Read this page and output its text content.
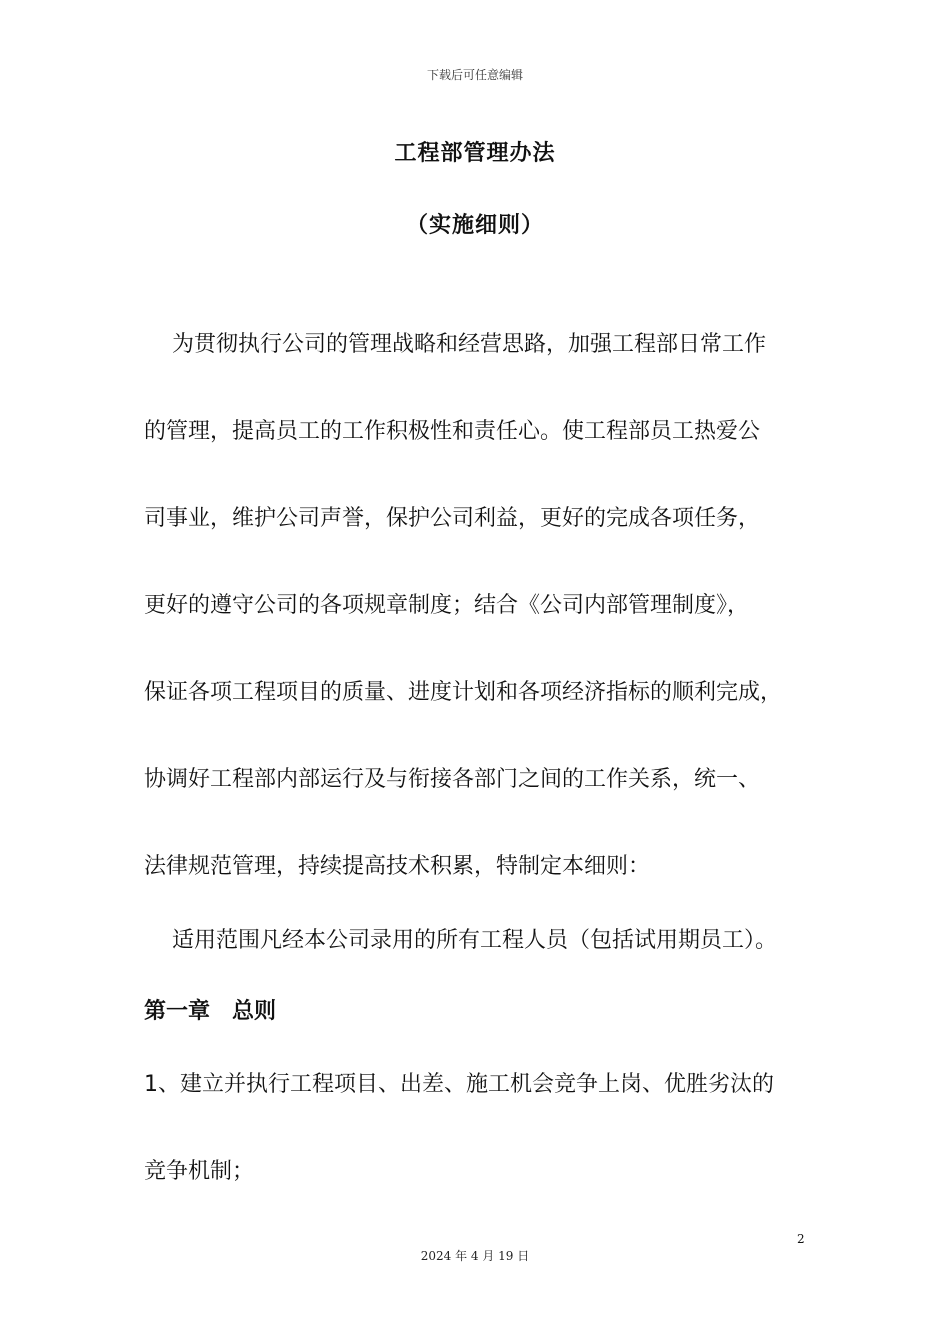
下载后可任意编辑
工程部管理办法
（实施细则）
为贯彻执行公司的管理战略和经营思路，加强工程部日常工作
的管理，提高员工的工作积极性和责任心。使工程部员工热爱公
司事业，维护公司声誉，保护公司利益，更好的完成各项任务，
更好的遵守公司的各项规章制度；结合《公司内部管理制度》，
保证各项工程项目的质量、进度计划和各项经济指标的顺利完成，
协调好工程部内部运行及与衔接各部门之间的工作关系，统一、
法律规范管理，持续提高技术积累，特制定本细则：
适用范围凡经本公司录用的所有工程人员（包括试用期员工）。
第一章　总则
1、建立并执行工程项目、出差、施工机会竞争上岗、优胜劣汰的
竞争机制；
2
2024 年 4 月 19 日
